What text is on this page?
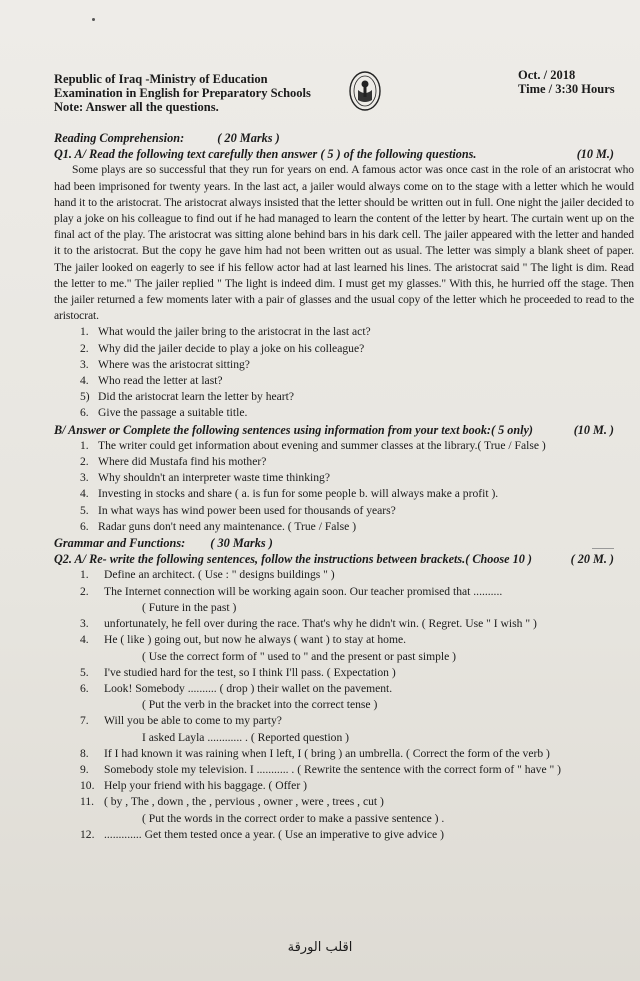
Republic of Iraq -Ministry of Education
Examination in English for Preparatory Schools
Note: Answer all the questions.
Oct. / 2018
Time / 3:30 Hours
Reading Comprehension:	( 20 Marks )
Q1. A/ Read the following text carefully then answer ( 5 ) of the following questions.	(10 M.)

Some plays are so successful that they run for years on end. A famous actor was once cast in the role of an aristocrat who had been imprisoned for twenty years. In the last act, a jailer would always come on to the stage with a letter which he would hand it to the aristocrat. The aristocrat always insisted that the letter should be written out in full. One night the jailer decided to play a joke on his colleague to find out if he had managed to learn the content of the letter by heart. The curtain went up on the final act of the play. The aristocrat was sitting alone behind bars in his dark cell. The jailer appeared with the letter and handed it to the aristocrat. But the copy he gave him had not been written out as usual. The letter was simply a blank sheet of paper. The jailer looked on eagerly to see if his fellow actor had at last learned his lines. The aristocrat said " The light is dim. Read the letter to me." The jailer replied " The light is indeed dim. I must get my glasses." With this, he hurried off the stage. Then the jailer returned a few moments later with a pair of glasses and the usual copy of the letter which he proceeded to read to the aristocrat.

1. What would the jailer bring to the aristocrat in the last act?
2. Why did the jailer decide to play a joke on his colleague?
3. Where was the aristocrat sitting?
4. Who read the letter at last?
5) Did the aristocrat learn the letter by heart?
6. Give the passage a suitable title.
B/ Answer or Complete the following sentences using information from your text book:( 5 only)	(10 M. )
1. The writer could get information about evening and summer classes at the library.( True / False )
2. Where did Mustafa find his mother?
3. Why shouldn't an interpreter waste time thinking?
4. Investing in stocks and share ( a. is fun for some people b. will always make a profit ).
5. In what ways has wind power been used for thousands of years?
6. Radar guns don't need any maintenance. ( True / False )
Grammar and Functions: ( 30 Marks )
Q2. A/ Re- write the following sentences, follow the instructions between brackets.( Choose 10 )	( 20 M. )
1.	Define an architect. ( Use : " designs buildings " )
2.	The Internet connection will be working again soon. Our teacher promised that ..........
( Future in the past )
3.	unfortunately, he fell over during the race. That's why he didn't win. ( Regret. Use " I wish " )
4.	He ( like ) going out, but now he always ( want ) to stay at home.
( Use the correct form of " used to " and the present or past simple )
5.	I've studied hard for the test, so I think I'll pass. ( Expectation )
6.	Look! Somebody .......... ( drop ) their wallet on the pavement.
( Put the verb in the bracket into the correct tense )
7.	Will you be able to come to my party?
I asked Layla ............ . ( Reported question )
8.	If I had known it was raining when I left, I ( bring ) an umbrella. ( Correct the form of the verb )
9.	Somebody stole my television. I ........... . ( Rewrite the sentence with the correct form of " have " )
10. Help your friend with his baggage. ( Offer )
11. ( by , The , down , the , pervious , owner , were , trees , cut )
( Put the words in the correct order to make a passive sentence ) .
12. ............. Get them tested once a year. ( Use an imperative to give advice )
اقلب الورقة
